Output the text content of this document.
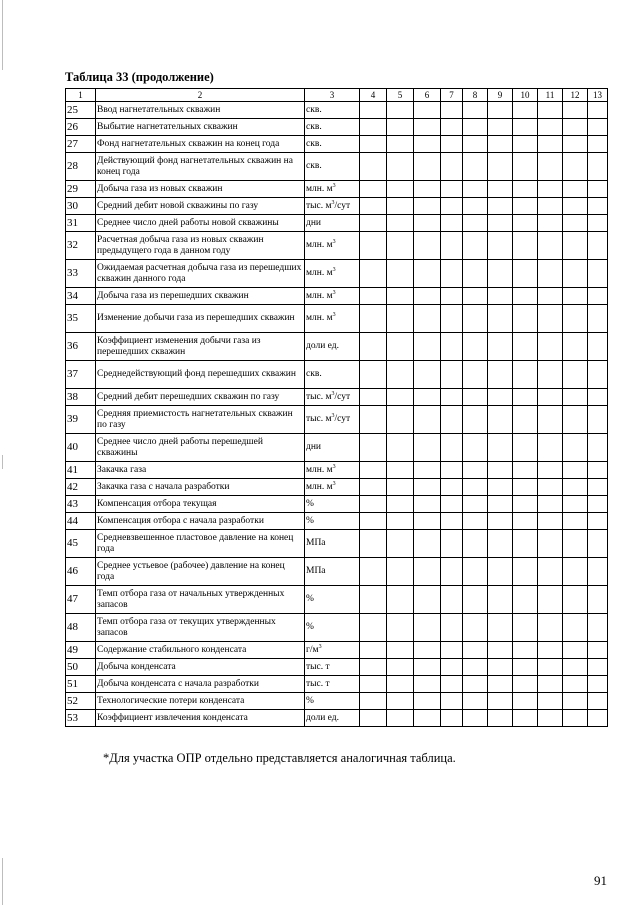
Таблица 33 (продолжение)
1	2	3	4	5	6	7	8	9	10	11	12	13
25	Ввод нагнетательных скважин	скв.										
26	Выбытие нагнетательных скважин	скв.										
27	Фонд нагнетательных скважин на конец года	скв.										
28	Действующий фонд нагнетательных скважин на конец года	скв.										
29	Добыча газа из новых скважин	млн. $м^3$										
30	Средний дебит новой скважины по газу	тыс. $м^3$/сут										
31	Среднее число дней работы новой скважины	дни										
32	Расчетная добыча газа из новых скважин предыдущего года в данном году	млн. $м^3$										
33	Ожидаемая расчетная добыча газа из перешедших скважин данного года	млн. $м^3$										
34	Добыча газа из перешедших скважин	млн. $м^3$										
35	Изменение добычи газа из перешедших скважин	млн. $м^3$										
36	Коэффициент изменения добычи газа из перешедших скважин	доли ед.										
37	Среднедействующий фонд перешедших скважин	скв.										
38	Средний дебит перешедших скважин по газу	тыс. $м^3$/сут										
39	Средняя приемистость нагнетательных скважин по газу	тыс. $м^3$/сут										
40	Среднее число дней работы перешедшей скважины	дни										
41	Закачка газа	млн. $м^3$										
42	Закачка газа с начала разработки	млн. $м^3$										
43	Компенсация отбора текущая	%										
44	Компенсация отбора с начала разработки	%										
45	Средневзвешенное пластовое давление на конец года	МПа										
46	Среднее устьевое (рабочее) давление на конец года	МПа										
47	Темп отбора газа от начальных утвержденных запасов	%										
48	Темп отбора газа от текущих утвержденных запасов	%										
49	Содержание стабильного конденсата	$г/м^3$										
50	Добыча конденсата	тыс. т										
51	Добыча конденсата с начала разработки	тыс. т										
52	Технологические потери конденсата	%										
53	Коэффициент извлечения конденсата	доли ед.										
*Для участка ОПР отдельно представляется аналогичная таблица.
91
